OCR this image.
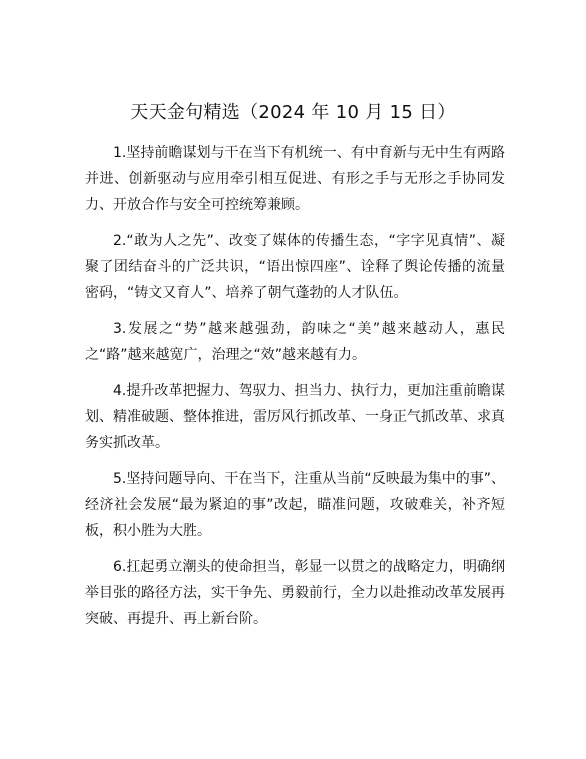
天天金句精选（2024 年 10 月 15 日）

1.坚持前瞻谋划与干在当下有机统一、有中育新与无中生有两路并进、创新驱动与应用牵引相互促进、有形之手与无形之手协同发力、开放合作与安全可控统筹兼顾。

2.“敢为人之先”、改变了媒体的传播生态，“字字见真情”、凝聚了团结奋斗的广泛共识，“语出惊四座”、诠释了舆论传播的流量密码，“铸文又育人”、培养了朝气蓬勃的人才队伍。

3.发展之“势”越来越强劲，韵味之“美”越来越动人，惠民之“路”越来越宽广，治理之“效”越来越有力。

4.提升改革把握力、驾驭力、担当力、执行力，更加注重前瞻谋划、精准破题、整体推进，雷厉风行抓改革、一身正气抓改革、求真务实抓改革。

5.坚持问题导向、干在当下，注重从当前“反映最为集中的事”、经济社会发展“最为紧迫的事”改起，瞄准问题，攻破难关，补齐短板，积小胜为大胜。

6.扛起勇立潮头的使命担当，彰显一以贯之的战略定力，明确纲举目张的路径方法，实干争先、勇毅前行，全力以赴推动改革发展再突破、再提升、再上新台阶。
